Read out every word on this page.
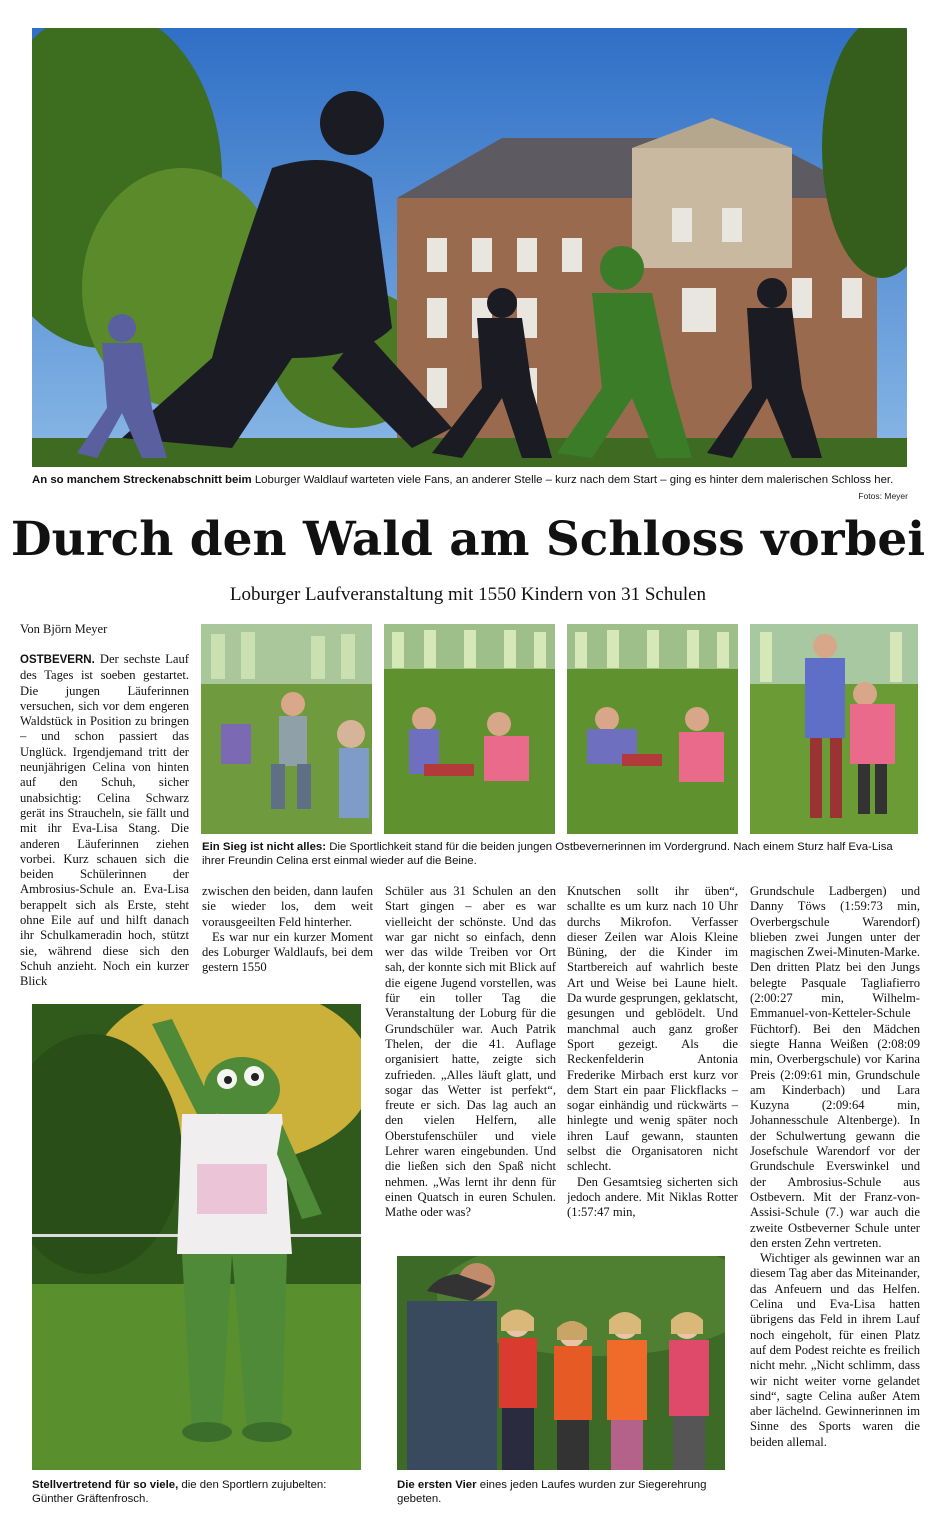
An so manchem Streckenabschnitt beim Loburger Waldlauf warteten viele Fans, an anderer Stelle – kurz nach dem Start – ging es hinter dem malerischen Schloss her.
Fotos: Meyer
Durch den Wald am Schloss vorbei
Loburger Laufveranstaltung mit 1550 Kindern von 31 Schulen
Von Björn Meyer
Ein Sieg ist nicht alles: Die Sportlichkeit stand für die beiden jungen Ostbevernerinnen im Vordergrund. Nach einem Sturz half Eva-Lisa ihrer Freundin Celina erst einmal wieder auf die Beine.
Stellvertretend für so viele, die den Sportlern zujubelten: Günther Gräftenfrosch.
Die ersten Vier eines jeden Laufes wurden zur Siegerehrung gebeten.

OSTBEVERN. Der sechste Lauf des Tages ist soeben gestartet. Die jungen Läuferinnen versuchen, sich vor dem engeren Waldstück in Position zu bringen – und schon passiert das Unglück. Irgendjemand tritt der neunjährigen Celina von hinten auf den Schuh, sicher unabsichtig: Celina Schwarz gerät ins Straucheln, sie fällt und mit ihr Eva-Lisa Stang. Die anderen Läuferinnen ziehen vorbei. Kurz schauen sich die beiden Schülerinnen der Ambrosius-Schule an. Eva-Lisa berappelt sich als Erste, steht ohne Eile auf und hilft danach ihr Schulkameradin hoch, stützt sie, während diese sich den Schuh anzieht. Noch ein kurzer Blick

zwischen den beiden, dann laufen sie wieder los, dem weit vorausgeeilten Feld hinterher.

Es war nur ein kurzer Moment des Loburger Waldlaufs, bei dem gestern 1550

Schüler aus 31 Schulen an den Start gingen – aber es war vielleicht der schönste. Und das war gar nicht so einfach, denn wer das wilde Treiben vor Ort sah, der konnte sich mit Blick auf die eigene Jugend vorstellen, was für ein toller Tag die Veranstaltung der Loburg für die Grundschüler war. Auch Patrik Thelen, der die 41. Auflage organisiert hatte, zeigte sich zufrieden. „Alles läuft glatt, und sogar das Wetter ist perfekt“, freute er sich. Das lag auch an den vielen Helfern, alle Oberstufenschüler und viele Lehrer waren eingebunden. Und die ließen sich den Spaß nicht nehmen. „Was lernt ihr denn für einen Quatsch in euren Schulen. Mathe oder was?

Knutschen sollt ihr üben“, schallte es um kurz nach 10 Uhr durchs Mikrofon. Verfasser dieser Zeilen war Alois Kleine Büning, der die Kinder im Startbereich auf wahrlich beste Art und Weise bei Laune hielt. Da wurde gesprungen, geklatscht, gesungen und geblödelt. Und manchmal auch ganz großer Sport gezeigt. Als die Reckenfelderin Antonia Frederike Mirbach erst kurz vor dem Start ein paar Flickflacks – sogar einhändig und rückwärts – hinlegte und wenig später noch ihren Lauf gewann, staunten selbst die Organisatoren nicht schlecht.

Den Gesamtsieg sicherten sich jedoch andere. Mit Niklas Rotter (1:57:47 min,

Grundschule Ladbergen) und Danny Töws (1:59:73 min, Overbergschule Warendorf) blieben zwei Jungen unter der magischen Zwei-Minuten-Marke. Den dritten Platz bei den Jungs belegte Pasquale Tagliafierro (2:00:27 min, Wilhelm-Emmanuel-von-Ketteler-Schule Füchtorf). Bei den Mädchen siegte Hanna Weißen (2:08:09 min, Overbergschule) vor Karina Preis (2:09:61 min, Grundschule am Kinderbach) und Lara Kuzyna (2:09:64 min, Johannesschule Altenberge). In der Schulwertung gewann die Josefschule Warendorf vor der Grundschule Everswinkel und der Ambrosius-Schule aus Ostbevern. Mit der Franz-von-Assisi-Schule (7.) war auch die zweite Ostbeverner Schule unter den ersten Zehn vertreten.

Wichtiger als gewinnen war an diesem Tag aber das Miteinander, das Anfeuern und das Helfen. Celina und Eva-Lisa hatten übrigens das Feld in ihrem Lauf noch eingeholt, für einen Platz auf dem Podest reichte es freilich nicht mehr. „Nicht schlimm, dass wir nicht weiter vorne gelandet sind“, sagte Celina außer Atem aber lächelnd. Gewinnerinnen im Sinne des Sports waren die beiden allemal.
